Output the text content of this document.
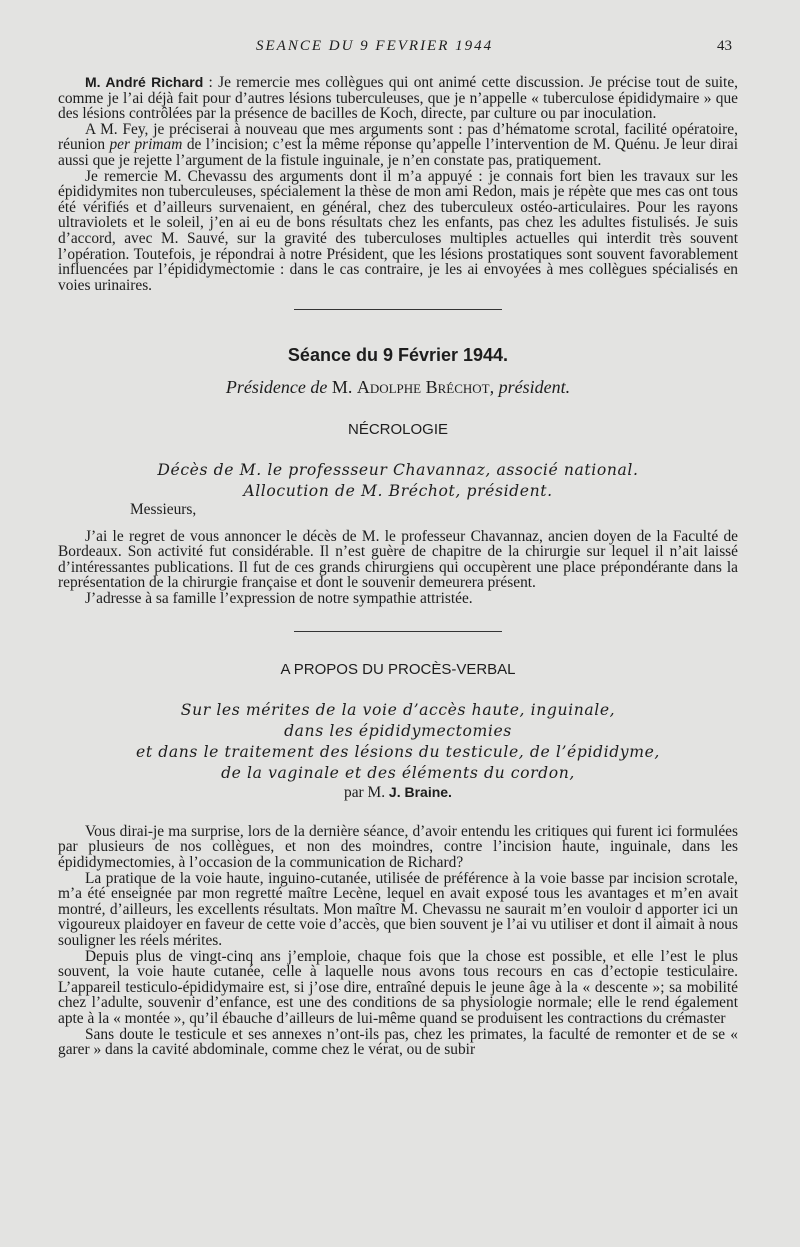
SEANCE DU 9 FEVRIER 1944	43

M. André Richard : Je remercie mes collègues qui ont animé cette discussion. Je précise tout de suite, comme je l’ai déjà fait pour d’autres lésions tuberculeuses, que je n’appelle « tuberculose épididymaire » que des lésions contrôlées par la présence de bacilles de Koch, directe, par culture ou par inoculation.

A M. Fey, je préciserai à nouveau que mes arguments sont : pas d’hématome scrotal, facilité opératoire, réunion per primam de l’incision; c’est la même réponse qu’appelle l’intervention de M. Quénu. Je leur dirai aussi que je rejette l’argument de la fistule inguinale, je n’en constate pas, pratiquement.

Je remercie M. Chevassu des arguments dont il m’a appuyé : je connais fort bien les travaux sur les épididymites non tuberculeuses, spécialement la thèse de mon ami Redon, mais je répète que mes cas ont tous été vérifiés et d’ailleurs survenaient, en général, chez des tuberculeux ostéo-articulaires. Pour les rayons ultraviolets et le soleil, j’en ai eu de bons résultats chez les enfants, pas chez les adultes fistulisés. Je suis d’accord, avec M. Sauvé, sur la gravité des tuberculoses multiples actuelles qui interdit très souvent l’opération. Toutefois, je répondrai à notre Président, que les lésions prostatiques sont souvent favorablement influencées par l’épididymectomie : dans le cas contraire, je les ai envoyées à mes collègues spécialisés en voies urinaires.

Séance du 9 Février 1944.
Présidence de M. Adolphe Bréchot, président.
NÉCROLOGIE
Décès de M. le professseur Chavannaz, associé national.
Allocution de M. Bréchot, président.
Messieurs,

J’ai le regret de vous annoncer le décès de M. le professeur Chavannaz, ancien doyen de la Faculté de Bordeaux. Son activité fut considérable. Il n’est guère de chapitre de la chirurgie sur lequel il n’ait laissé d’intéressantes publications. Il fut de ces grands chirurgiens qui occupèrent une place prépondérante dans la représentation de la chirurgie française et dont le souvenir demeurera présent.

J’adresse à sa famille l’expression de notre sympathie attristée.

A PROPOS DU PROCÈS-VERBAL
Sur les mérites de la voie d’accès haute, inguinale,
dans les épididymectomies
et dans le traitement des lésions du testicule, de l’épididyme,
de la vaginale et des éléments du cordon,
par M. J. Braine.

Vous dirai-je ma surprise, lors de la dernière séance, d’avoir entendu les critiques qui furent ici formulées par plusieurs de nos collègues, et non des moindres, contre l’incision haute, inguinale, dans les épididymectomies, à l’occasion de la communication de Richard?

La pratique de la voie haute, inguino-cutanée, utilisée de préférence à la voie basse par incision scrotale, m’a été enseignée par mon regretté maître Lecène, lequel en avait exposé tous les avantages et m’en avait montré, d’ailleurs, les excellents résultats. Mon maître M. Chevassu ne saurait m’en vouloir d apporter ici un vigoureux plaidoyer en faveur de cette voie d’accès, que bien souvent je l’ai vu utiliser et dont il aimait à nous souligner les réels mérites.

Depuis plus de vingt-cinq ans j’emploie, chaque fois que la chose est possible, et elle l’est le plus souvent, la voie haute cutanée, celle à laquelle nous avons tous recours en cas d’ectopie testiculaire. L’appareil testiculo-épididymaire est, si j’ose dire, entraîné depuis le jeune âge à la « descente »; sa mobilité chez l’adulte, souvenir d’enfance, est une des conditions de sa physiologie normale; elle le rend également apte à la « montée », qu’il ébauche d’ailleurs de lui-même quand se produisent les contractions du crémaster

Sans doute le testicule et ses annexes n’ont-ils pas, chez les primates, la faculté de remonter et de se « garer » dans la cavité abdominale, comme chez le vérat, ou de subir
